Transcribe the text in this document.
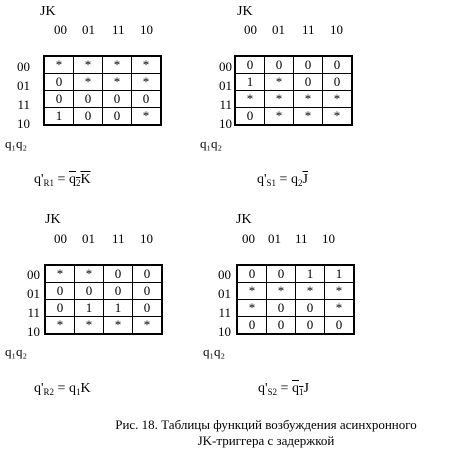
JK
00 01 11 10
00
01
11
10
*	*	*	*
0	*	*	*
0	0	0	0
1	0	0	*
q₁q₂
$q'_{R1} = q_2\overline{K}$
JK
00 01 11 10
00
01
11
10
0	0	0	0
1	*	0	0
*	*	*	*
0	*	*	*
q₁q₂
$q'_{S1} = q_2\overline{J}$
JK
00 01 11 10
00
01
11
10
*	*	0	0
0	0	0	0
0	1	1	0
*	*	*	*
q₁q₂
$q'_{R2} = q_1K$
JK
00 01 11 10
00
01
11
10
0	0	1	1
*	*	*	*
*	0	0	*
0	0	0	0
q₁q₂
$q'_{S2} = q_1J$
Рис. 18. Таблицы функций возбуждения асинхронного
JK-триггера с задержкой
